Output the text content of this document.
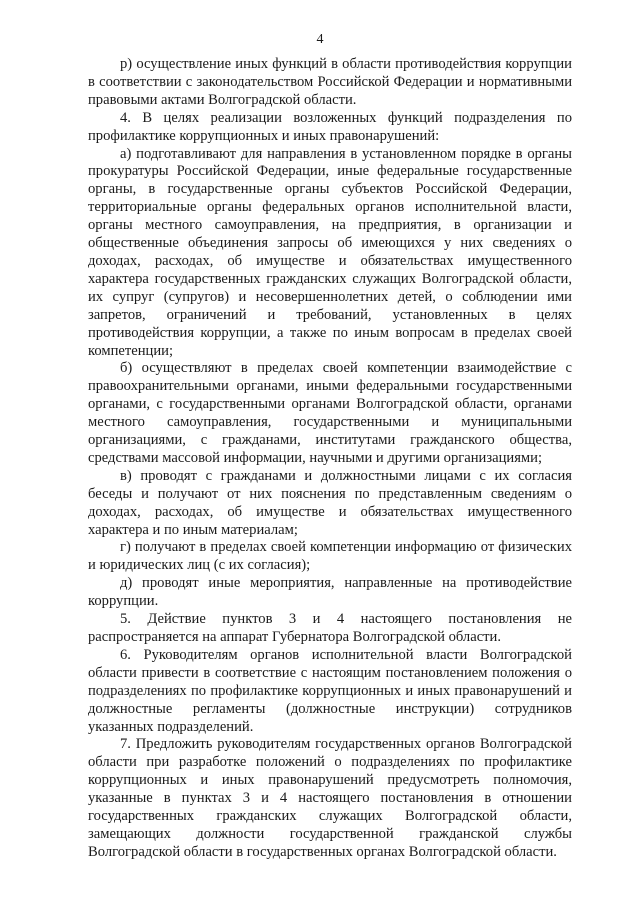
4

р) осуществление иных функций в области противодействия коррупции в соответствии с законодательством Российской Федерации и нормативными правовыми актами Волгоградской области.

4. В целях реализации возложенных функций подразделения по профилактике коррупционных и иных правонарушений:

а) подготавливают для направления в установленном порядке в органы прокуратуры Российской Федерации, иные федеральные государственные органы, в государственные органы субъектов Российской Федерации, территориальные органы федеральных органов исполнительной власти, органы местного самоуправления, на предприятия, в организации и общественные объединения запросы об имеющихся у них сведениях о доходах, расходах, об имуществе и обязательствах имущественного характера государственных гражданских служащих Волгоградской области, их супруг (супругов) и несовершеннолетних детей, о соблюдении ими запретов, ограничений и требований, установленных в целях противодействия коррупции, а также по иным вопросам в пределах своей компетенции;

б) осуществляют в пределах своей компетенции взаимодействие с правоохранительными органами, иными федеральными государственными органами, с государственными органами Волгоградской области, органами местного самоуправления, государственными и муниципальными организациями, с гражданами, институтами гражданского общества, средствами массовой информации, научными и другими организациями;

в) проводят с гражданами и должностными лицами с их согласия беседы и получают от них пояснения по представленным сведениям о доходах, расходах, об имуществе и обязательствах имущественного характера и по иным материалам;

г) получают в пределах своей компетенции информацию от физических и юридических лиц (с их согласия);

д) проводят иные мероприятия, направленные на противодействие коррупции.

5. Действие пунктов 3 и 4 настоящего постановления не распространяется на аппарат Губернатора Волгоградской области.

6. Руководителям органов исполнительной власти Волгоградской области привести в соответствие с настоящим постановлением положения о подразделениях по профилактике коррупционных и иных правонарушений и должностные регламенты (должностные инструкции) сотрудников указанных подразделений.

7. Предложить руководителям государственных органов Волгоградской области при разработке положений о подразделениях по профилактике коррупционных и иных правонарушений предусмотреть полномочия, указанные в пунктах 3 и 4 настоящего постановления в отношении государственных гражданских служащих Волгоградской области, замещающих должности государственной гражданской службы Волгоградской области в государственных органах Волгоградской области.
